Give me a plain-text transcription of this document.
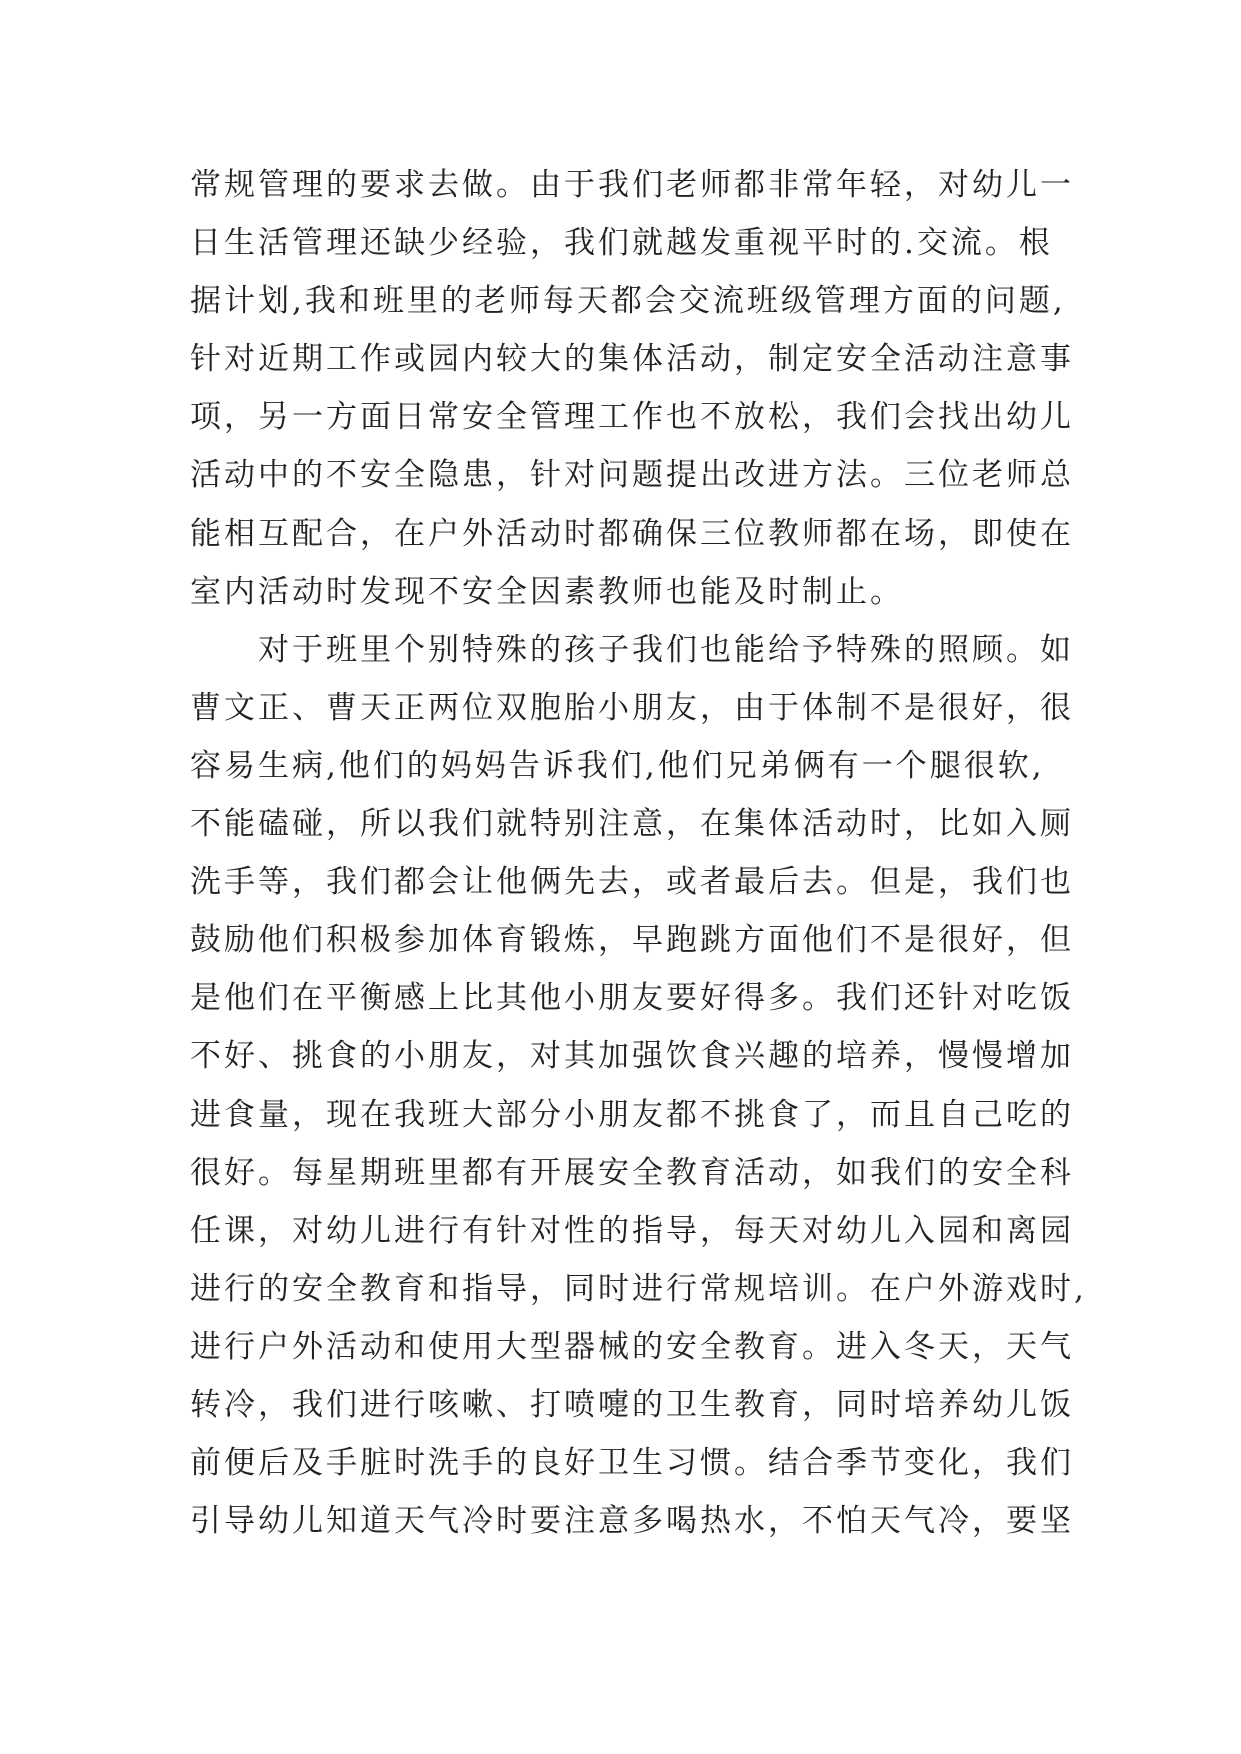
常规管理的要求去做。由于我们老师都非常年轻，对幼儿一
日生活管理还缺少经验，我们就越发重视平时的.交流。根
据计划,我和班里的老师每天都会交流班级管理方面的问题,
针对近期工作或园内较大的集体活动，制定安全活动注意事
项，另一方面日常安全管理工作也不放松，我们会找出幼儿
活动中的不安全隐患，针对问题提出改进方法。三位老师总
能相互配合，在户外活动时都确保三位教师都在场，即使在
室内活动时发现不安全因素教师也能及时制止。
　　对于班里个别特殊的孩子我们也能给予特殊的照顾。如
曹文正、曹天正两位双胞胎小朋友，由于体制不是很好，很
容易生病,他们的妈妈告诉我们,他们兄弟俩有一个腿很软,
不能磕碰，所以我们就特别注意，在集体活动时，比如入厕
洗手等，我们都会让他俩先去，或者最后去。但是，我们也
鼓励他们积极参加体育锻炼，早跑跳方面他们不是很好，但
是他们在平衡感上比其他小朋友要好得多。我们还针对吃饭
不好、挑食的小朋友，对其加强饮食兴趣的培养，慢慢增加
进食量，现在我班大部分小朋友都不挑食了，而且自己吃的
很好。每星期班里都有开展安全教育活动，如我们的安全科
任课，对幼儿进行有针对性的指导，每天对幼儿入园和离园
进行的安全教育和指导，同时进行常规培训。在户外游戏时,
进行户外活动和使用大型器械的安全教育。进入冬天，天气
转冷，我们进行咳嗽、打喷嚏的卫生教育，同时培养幼儿饭
前便后及手脏时洗手的良好卫生习惯。结合季节变化，我们
引导幼儿知道天气冷时要注意多喝热水，不怕天气冷，要坚
